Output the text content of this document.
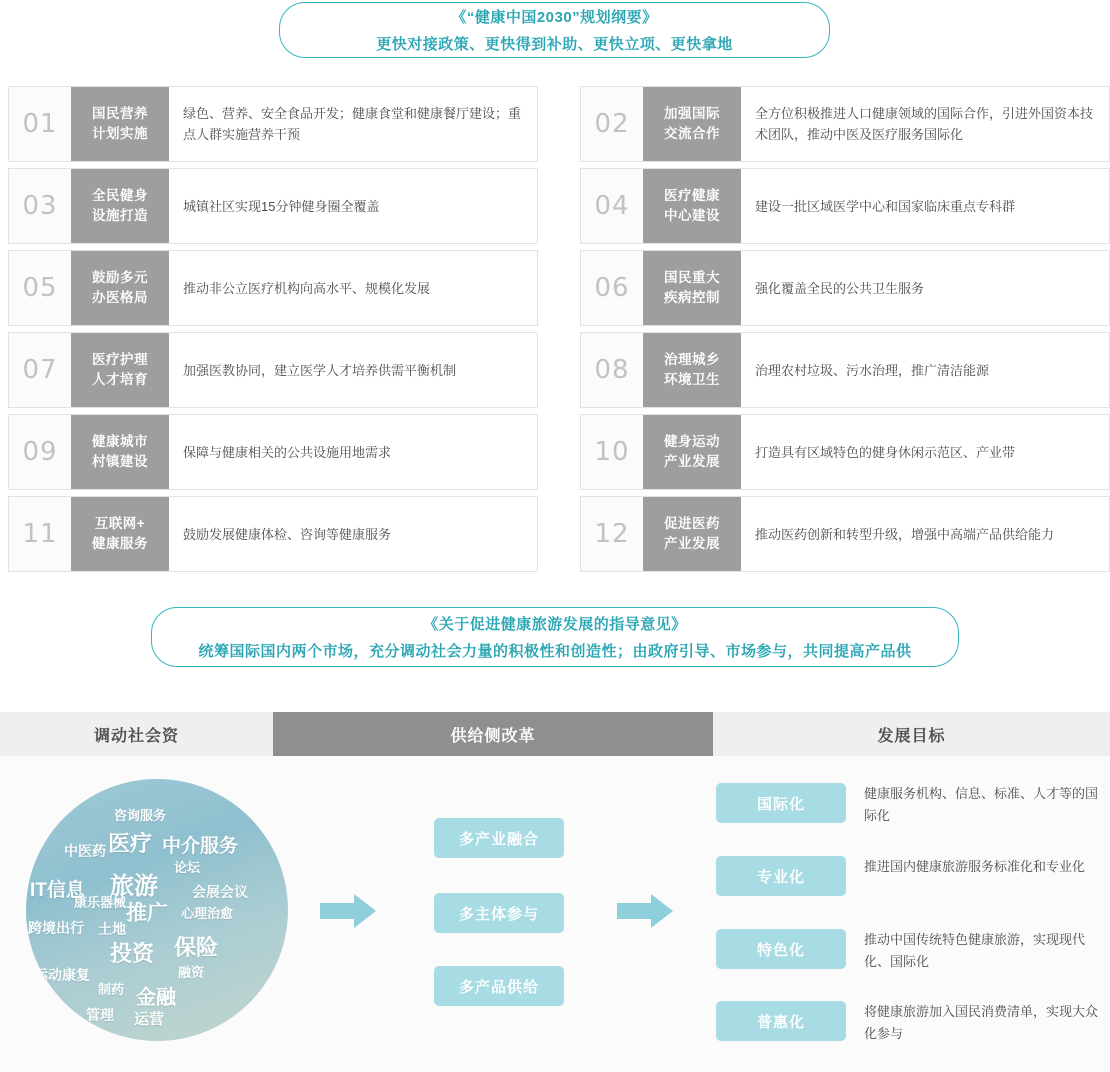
《“健康中国2030”规划纲要》
更快对接政策、更快得到补助、更快立项、更快拿地
01	国民营养
计划实施
绿色、营养、安全食品开发；健康食堂和健康餐厅建设；重点人群实施营养干预	02	加强国际
交流合作
全方位积极推进人口健康领域的国际合作，引进外国资本技术团队，推动中医及医疗服务国际化
03	全民健身
设施打造
城镇社区实现15分钟健身圈全覆盖	04	医疗健康
中心建设
建设一批区域医学中心和国家临床重点专科群
05	鼓励多元
办医格局
推动非公立医疗机构向高水平、规模化发展	06	国民重大
疾病控制
强化覆盖全民的公共卫生服务
07	医疗护理
人才培育
加强医教协同，建立医学人才培养供需平衡机制	08	治理城乡
环境卫生
治理农村垃圾、污水治理，推广清洁能源
09	健康城市
村镇建设
保障与健康相关的公共设施用地需求	10	健身运动
产业发展
打造具有区域特色的健身休闲示范区、产业带
11	互联网+
健康服务
鼓励发展健康体检、咨询等健康服务	12	促进医药
产业发展
推动医药创新和转型升级，增强中高端产品供给能力
《关于促进健康旅游发展的指导意见》
统筹国际国内两个市场，充分调动社会力量的积极性和创造性；由政府引导、市场参与，共同提高产品供
调动社会资	供给侧改革	发展目标
咨询服务
医疗 中介服务
中医药
论坛
旅游
IT信息	会展会议
康乐器械 推广 心理治愈
跨境出行 土地
投资 保险
融资
运动康复
制药 金融
管理 运营
多产业融合
多主体参与
多产品供给
国际化
健康服务机构、信息、标准、人才等的国际化
专业化
推进国内健康旅游服务标准化和专业化
特色化
推动中国传统特色健康旅游，实现现代化、国际化
普惠化
将健康旅游加入国民消费清单，实现大众化参与
